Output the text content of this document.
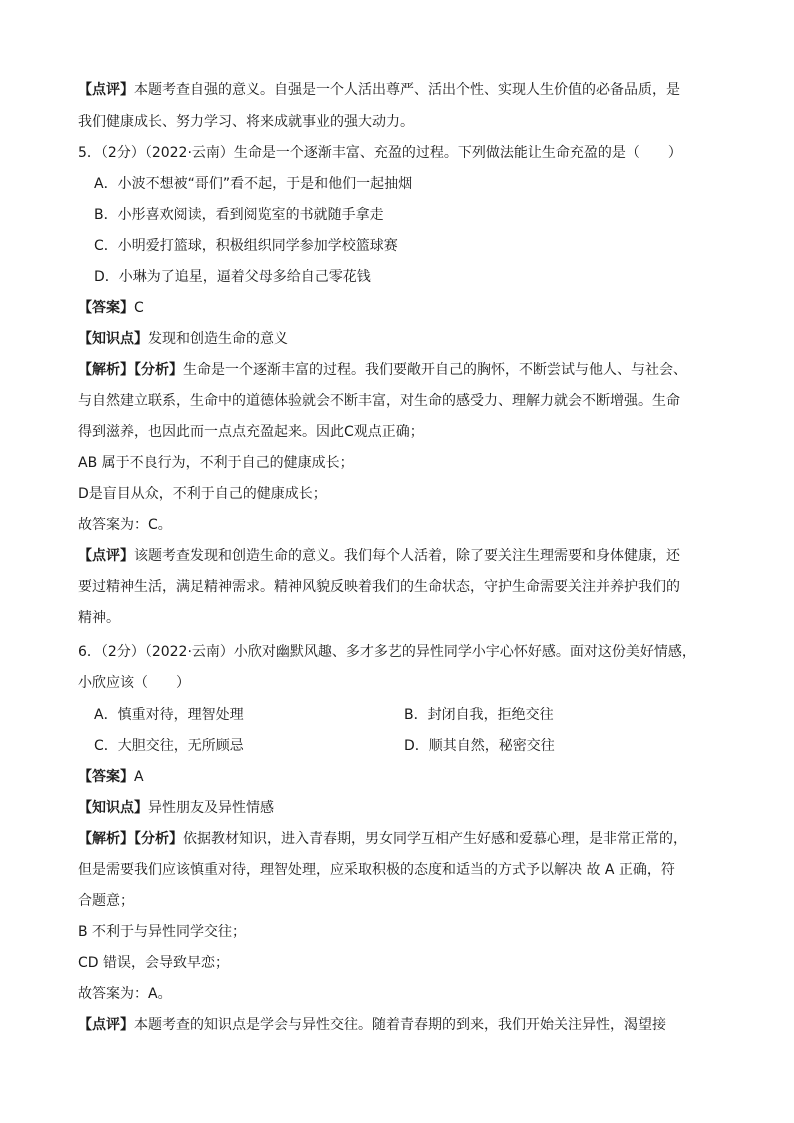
【点评】本题考查自强的意义。自强是一个人活出尊严、活出个性、实现人生价值的必备品质，是
我们健康成长、努力学习、将来成就事业的强大动力。
5．（2分）（2022·云南）生命是一个逐渐丰富、充盈的过程。下列做法能让生命充盈的是（　　）
A．小波不想被“哥们”看不起，于是和他们一起抽烟
B．小彤喜欢阅读，看到阅览室的书就随手拿走
C．小明爱打篮球，积极组织同学参加学校篮球赛
D．小琳为了追星，逼着父母多给自己零花钱
【答案】C
【知识点】发现和创造生命的意义
【解析】【分析】生命是一个逐渐丰富的过程。我们要敞开自己的胸怀，不断尝试与他人、与社会、
与自然建立联系，生命中的道德体验就会不断丰富，对生命的感受力、理解力就会不断增强。生命
得到滋养，也因此而一点点充盈起来。因此C观点正确；
AB 属于不良行为，不利于自己的健康成长；
D是盲目从众，不利于自己的健康成长；
故答案为：C。
【点评】该题考查发现和创造生命的意义。我们每个人活着，除了要关注生理需要和身体健康，还
要过精神生活，满足精神需求。精神风貌反映着我们的生命状态，守护生命需要关注并养护我们的
精神。
6．（2分）（2022·云南）小欣对幽默风趣、多才多艺的异性同学小宇心怀好感。面对这份美好情感，
小欣应该（　　）
A．慎重对待，理智处理	B．封闭自我，拒绝交往
C．大胆交往，无所顾忌	D．顺其自然，秘密交往
【答案】A
【知识点】异性朋友及异性情感
【解析】【分析】依据教材知识，进入青春期，男女同学互相产生好感和爱慕心理，是非常正常的，
但是需要我们应该慎重对待，理智处理，应采取积极的态度和适当的方式予以解决 故 A 正确，符
合题意；
B 不利于与异性同学交往；
CD 错误，会导致早恋；
故答案为：A。
【点评】本题考查的知识点是学会与异性交往。随着青春期的到来，我们开始关注异性，渴望接
